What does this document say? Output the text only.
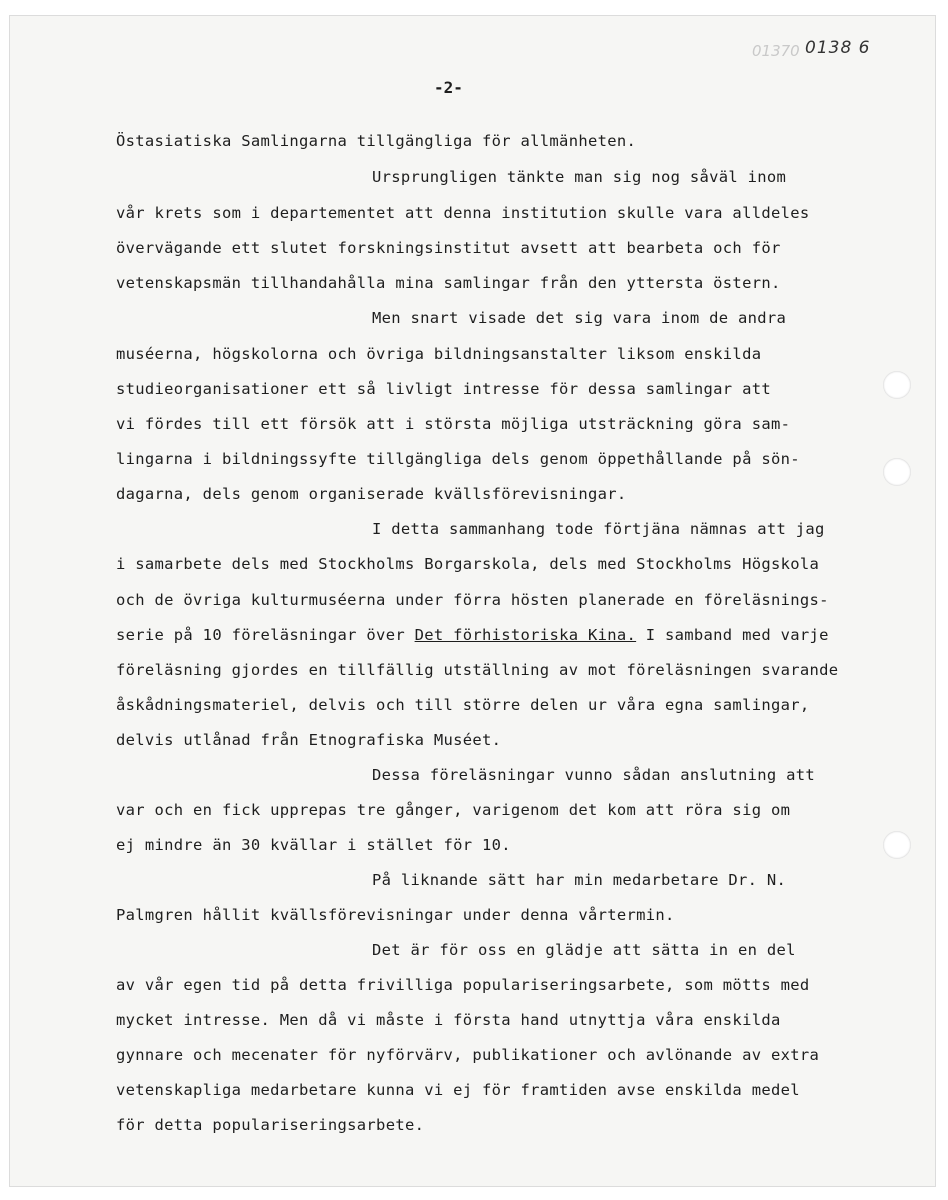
01370 0138 6
-2-
Östasiatiska Samlingarna tillgängliga för allmänheten.
Ursprungligen tänkte man sig nog såväl inom
vår krets som i departementet att denna institution skulle vara alldeles
övervägande ett slutet forskningsinstitut avsett att bearbeta och för
vetenskapsmän tillhandahålla mina samlingar från den yttersta östern.
Men snart visade det sig vara inom de andra
muséerna, högskolorna och övriga bildningsanstalter liksom enskilda
studieorganisationer ett så livligt intresse för dessa samlingar att
vi fördes till ett försök att i största möjliga utsträckning göra sam-
lingarna i bildningssyfte tillgängliga dels genom öppethållande på sön-
dagarna, dels genom organiserade kvällsförevisningar.
I detta sammanhang tode förtjäna nämnas att jag
i samarbete dels med Stockholms Borgarskola, dels med Stockholms Högskola
och de övriga kulturmuséerna under förra hösten planerade en föreläsnings-
serie på 10 föreläsningar över Det förhistoriska Kina. I samband med varje
föreläsning gjordes en tillfällig utställning av mot föreläsningen svarande
åskådningsmateriel, delvis och till större delen ur våra egna samlingar,
delvis utlånad från Etnografiska Muséet.
Dessa föreläsningar vunno sådan anslutning att
var och en fick upprepas tre gånger, varigenom det kom att röra sig om
ej mindre än 30 kvällar i stället för 10.
På liknande sätt har min medarbetare Dr. N.
Palmgren hållit kvällsförevisningar under denna vårtermin.
Det är för oss en glädje att sätta in en del
av vår egen tid på detta frivilliga populariseringsarbete, som mötts med
mycket intresse. Men då vi måste i första hand utnyttja våra enskilda
gynnare och mecenater för nyförvärv, publikationer och avlönande av extra
vetenskapliga medarbetare kunna vi ej för framtiden avse enskilda medel
för detta populariseringsarbete.
